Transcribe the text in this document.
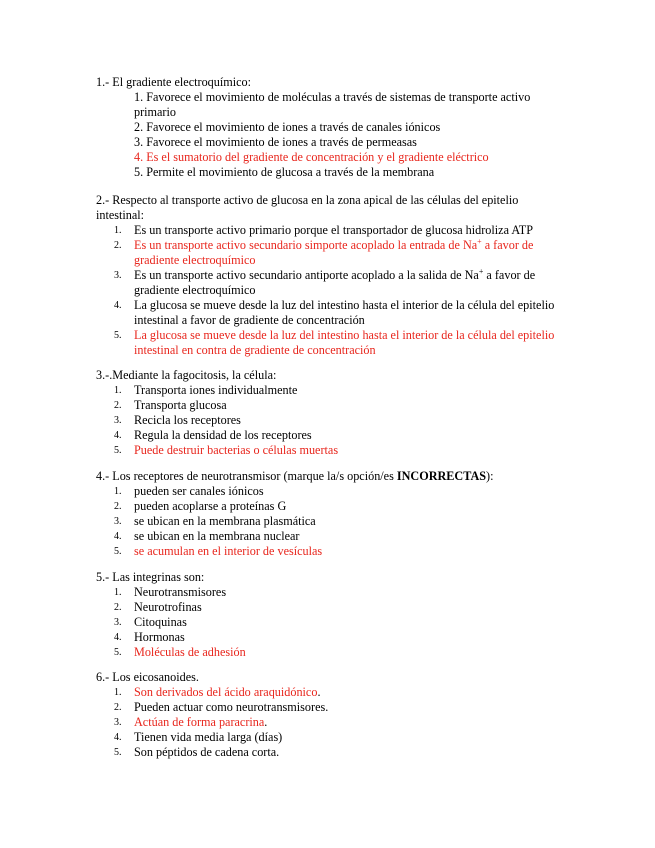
1.- El gradiente electroquímico:

1. Favorece el movimiento de moléculas a través de sistemas de transporte activo primario
2. Favorece el movimiento de iones a través de canales iónicos
3. Favorece el movimiento de iones a través de permeasas
4. Es el sumatorio del gradiente de concentración y el gradiente eléctrico
5. Permite el movimiento de glucosa a través de la membrana

2.- Respecto al transporte activo de glucosa en la zona apical de las células del epitelio intestinal:

1. Es un transporte activo primario porque el transportador de glucosa hidroliza ATP
2. Es un transporte activo secundario simporte acoplado la entrada de Na+ a favor de gradiente electroquímico
3. Es un transporte activo secundario antiporte acoplado a la salida de Na+ a favor de gradiente electroquímico
4. La glucosa se mueve desde la luz del intestino hasta el interior de la célula del epitelio intestinal a favor de gradiente de concentración
5. La glucosa se mueve desde la luz del intestino hasta el interior de la célula del epitelio intestinal en contra de gradiente de concentración

3.-.Mediante la fagocitosis, la célula:

1. Transporta iones individualmente
2. Transporta glucosa
3. Recicla los receptores
4. Regula la densidad de los receptores
5. Puede destruir bacterias o células muertas

4.- Los receptores de neurotransmisor (marque la/s opción/es INCORRECTAS):

1. pueden ser canales iónicos
2. pueden acoplarse a proteínas G
3. se ubican en la membrana plasmática
4. se ubican en la membrana nuclear
5. se acumulan en el interior de vesículas

5.- Las integrinas son:

1. Neurotransmisores
2. Neurotrofinas
3. Citoquinas
4. Hormonas
5. Moléculas de adhesión

6.- Los eicosanoides.

1. Son derivados del ácido araquidónico.
2. Pueden actuar como neurotransmisores.
3. Actúan de forma paracrina.
4. Tienen vida media larga (días)
5. Son péptidos de cadena corta.
